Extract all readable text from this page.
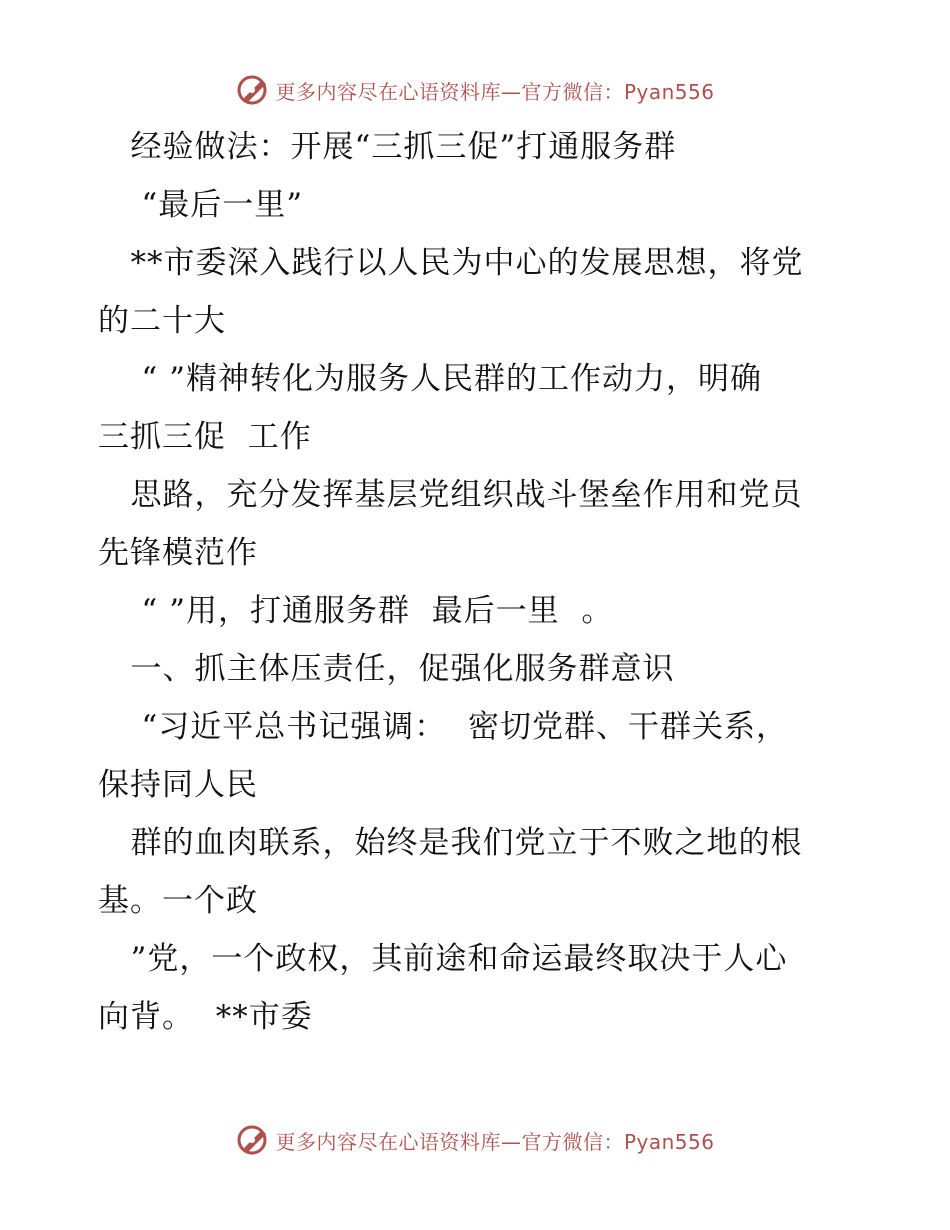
更多内容尽在心语资料库—官方微信：Pyan556
经验做法：开展“三抓三促”打通服务群
“最后一里”
**市委深入践行以人民为中心的发展思想，将党
的二十大
“ ”精神转化为服务人民群的工作动力，明确
三抓三促  工作
思路，充分发挥基层党组织战斗堡垒作用和党员
先锋模范作
“ ”用，打通服务群  最后一里  。
一、抓主体压责任，促强化服务群意识
“习近平总书记强调：  密切党群、干群关系，
保持同人民
群的血肉联系，始终是我们党立于不败之地的根
基。一个政
”党，一个政权，其前途和命运最终取决于人心
向背。  **市委
更多内容尽在心语资料库—官方微信：Pyan556
